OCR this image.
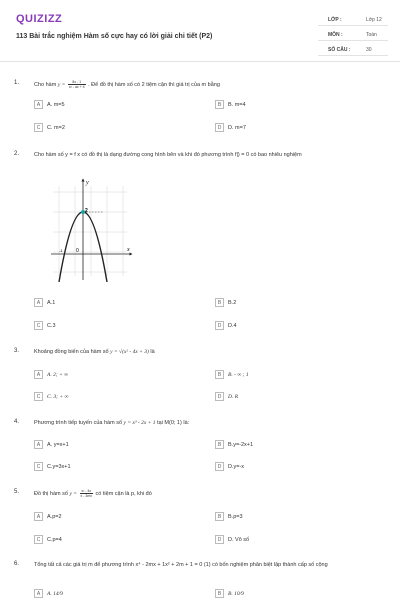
QUIZIZZ
113 Bài trắc nghiệm Hàm số cực hay có lời giải chi tiết (P2)
LỚP :	Lớp 12
MÔN :	Toán
SỐ CÂU :	30
1.	Cho hàm $y = \frac{8x - 1}{\text{x² - ax + 4}}$ . Để đồ thị hàm số có 2 tiệm cận thì giá trị của m bằng
A	A. m=5	B	B. m=4
C	C. m=2	D	D. m=7
2.	Cho hàm số y = f x có đồ thị là dạng đường cong hình bên và khi đó phương trình f|) = 0 có bao nhiêu nghiệm
y
x
0
2
-1
A	A.1	B	B.2
C	C.3	D	D.4
3.	Khoảng đồng biến của hàm số y = √(x² - 4x + 3) là
A	A. 2; + ∞	B	B. - ∞ ; 1
C	C. 3; + ∞	D	D. R
4.	Phương trình tiếp tuyến của hàm số y = x³ - 2x + 1 tại M(0; 1) là:
A	A. y=x+1	B	B.y=-2x+1
C	C.y=3x+1	D	D.y=-x
5.	Đồ thị hàm số $y = \frac{\text{x² - 4x}}{x - 3mx}$ có tiệm cận là p, khi đó
A	A.p=2	B	B.p=3
C	C.p=4	D	D. Vô số
6.	Tổng tất cả các giá trị m để phương trình x⁴ - 2mx + 1x² + 2m + 1 = 0 (1) có bốn nghiệm phân biệt lập thành cấp số cộng
A	A. 14/9	B	B. 10/9
